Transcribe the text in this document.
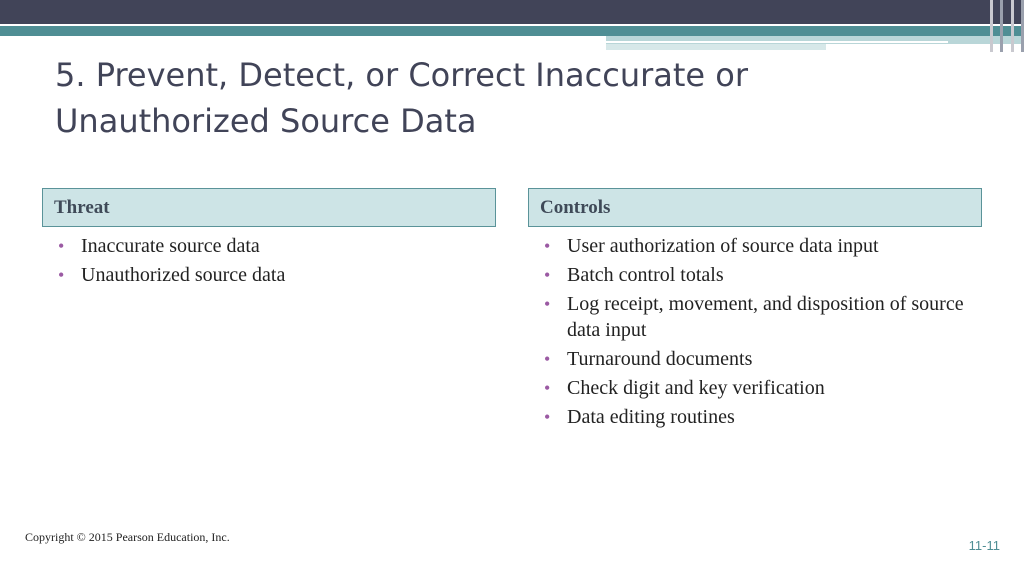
5. Prevent, Detect, or Correct Inaccurate or Unauthorized Source Data
Threat
• Inaccurate source data
• Unauthorized source data
Controls
• User authorization of source data input
• Batch control totals
• Log receipt, movement, and disposition of source data input
• Turnaround documents
• Check digit and key verification
• Data editing routines
Copyright © 2015 Pearson Education, Inc.
11-11
